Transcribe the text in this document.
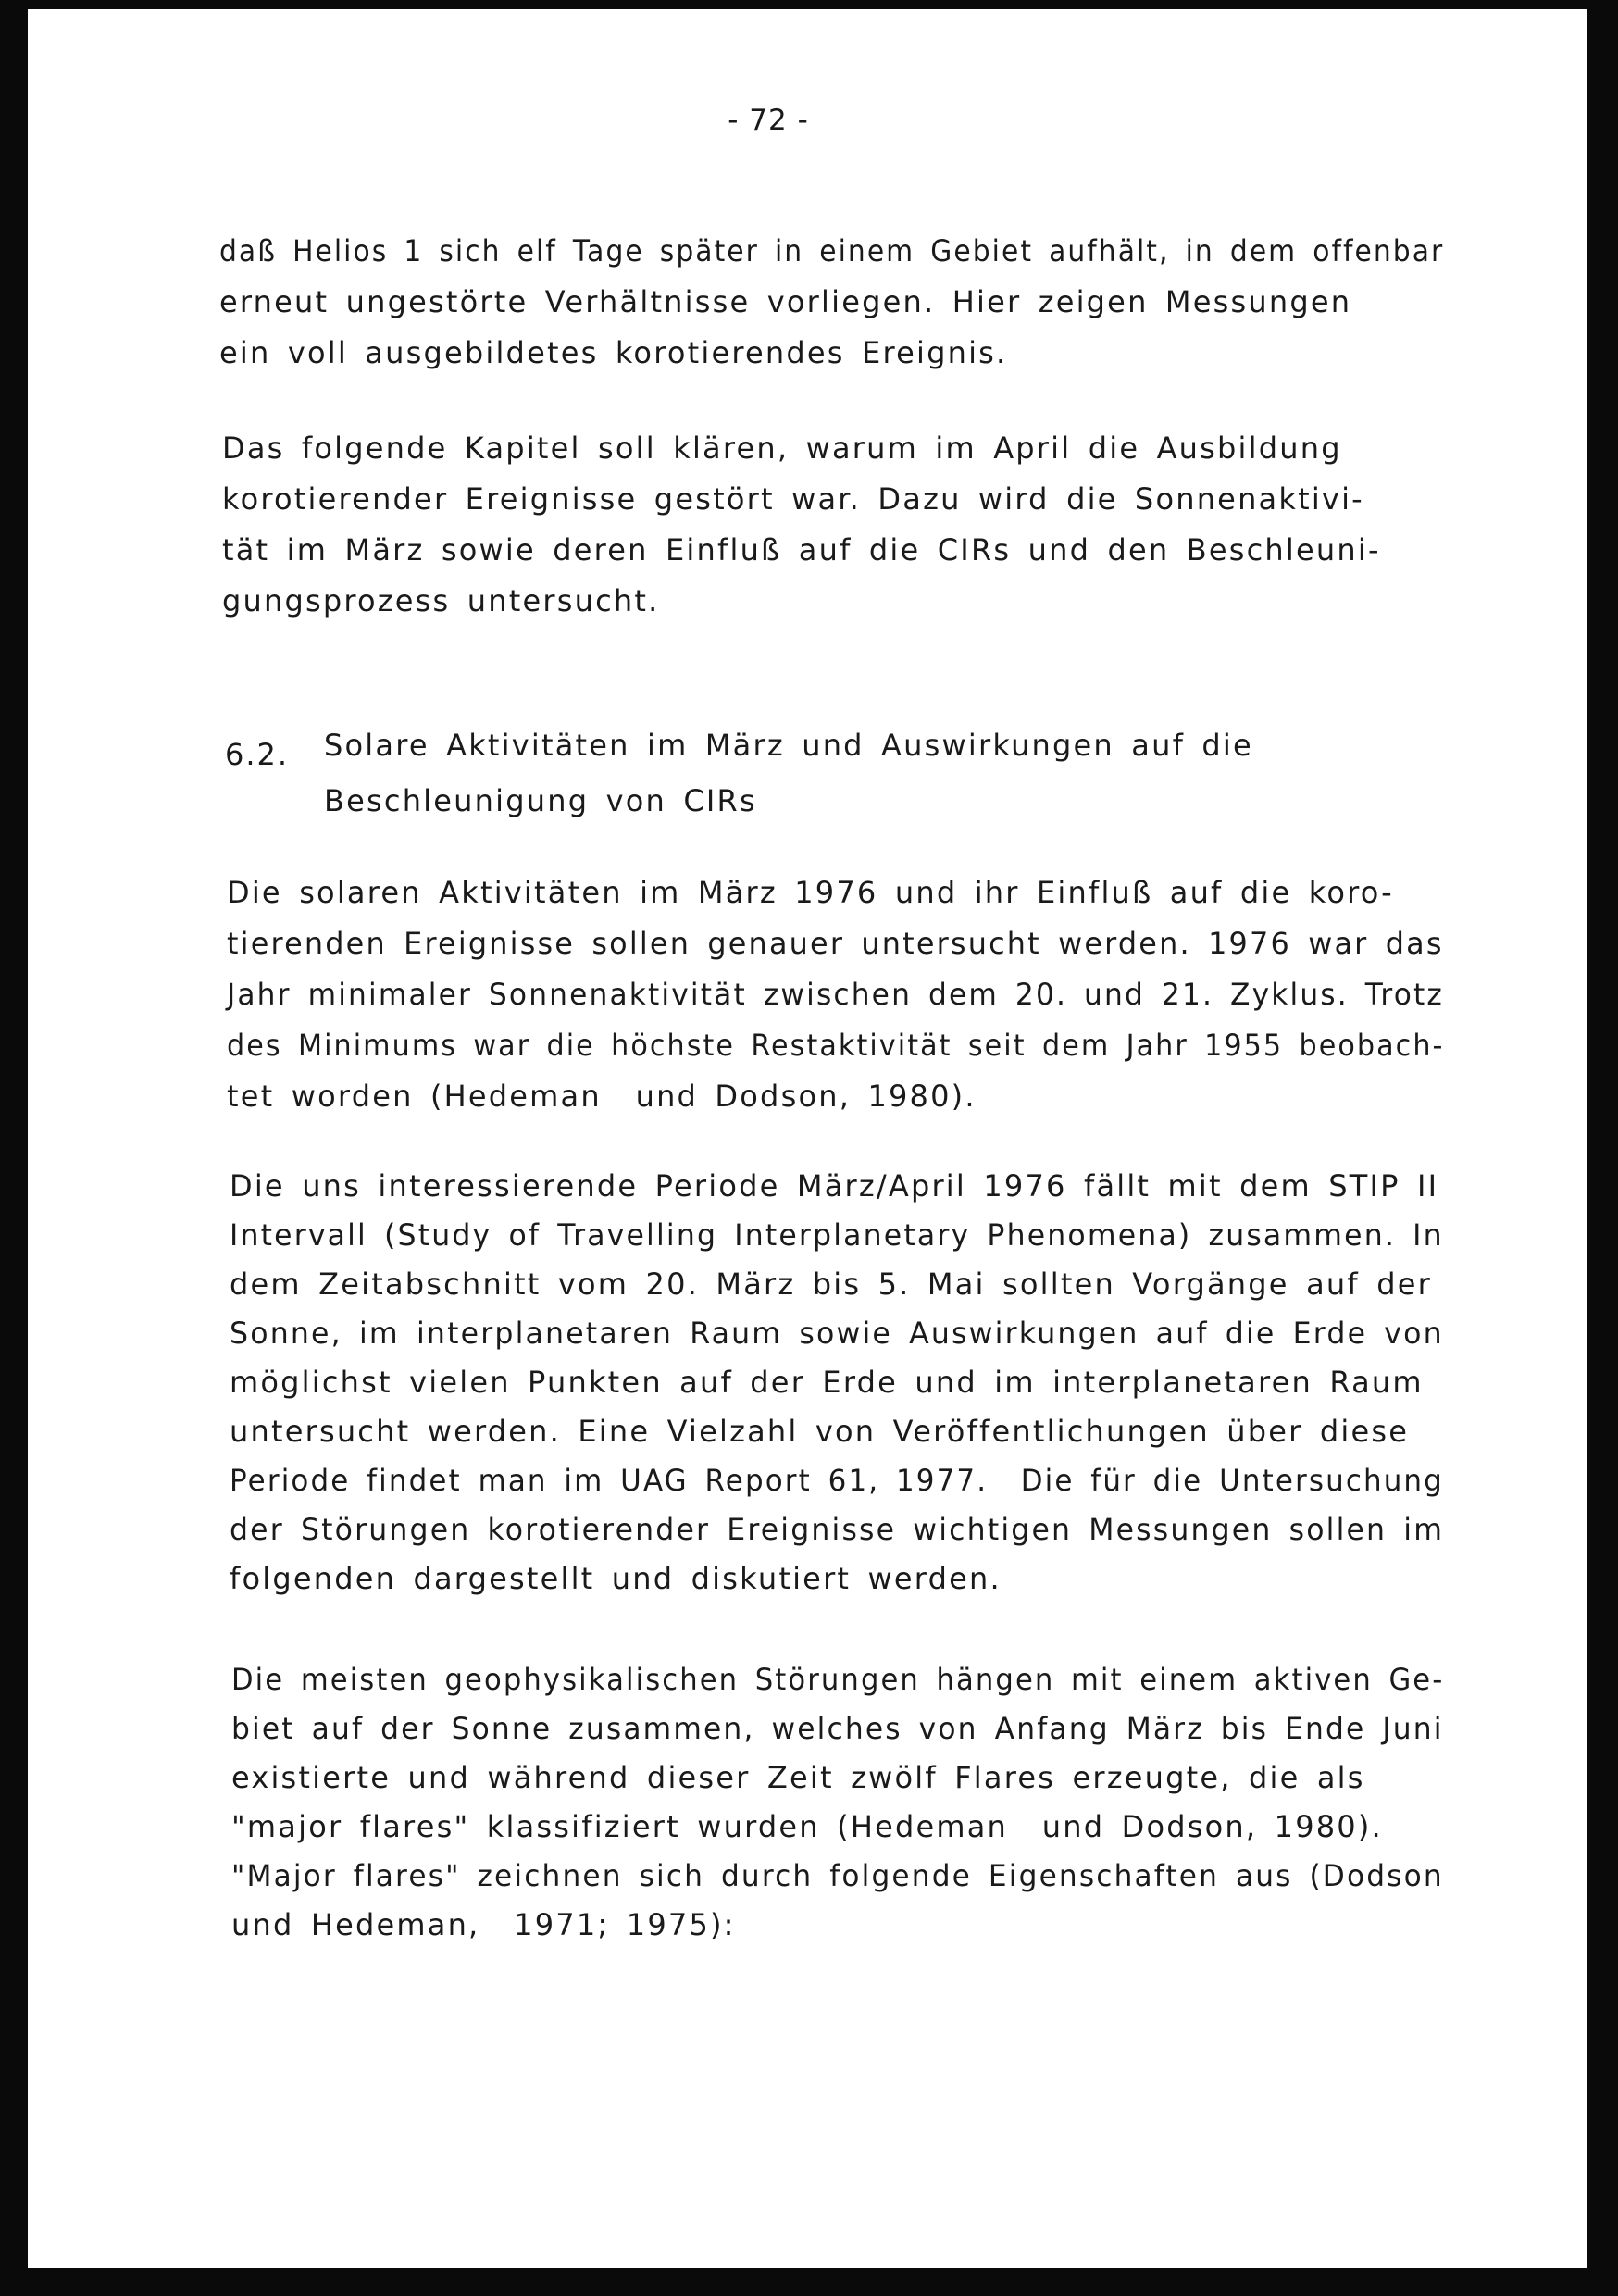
- 72 -
daß Helios 1 sich elf Tage später in einem Gebiet aufhält, in dem offenbar
erneut ungestörte Verhältnisse vorliegen. Hier zeigen Messungen
ein voll ausgebildetes korotierendes Ereignis.
Das folgende Kapitel soll klären, warum im April die Ausbildung
korotierender Ereignisse gestört war. Dazu wird die Sonnenaktivi-
tät im März sowie deren Einfluß auf die CIRs und den Beschleuni-
gungsprozess untersucht.
6.2. Solare Aktivitäten im März und Auswirkungen auf die
Beschleunigung von CIRs
Die solaren Aktivitäten im März 1976 und ihr Einfluß auf die koro-
tierenden Ereignisse sollen genauer untersucht werden. 1976 war das
Jahr minimaler Sonnenaktivität zwischen dem 20. und 21. Zyklus. Trotz
des Minimums war die höchste Restaktivität seit dem Jahr 1955 beobach-
tet worden (Hedeman  und Dodson, 1980).
Die uns interessierende Periode März/April 1976 fällt mit dem STIP II
Intervall (Study of Travelling Interplanetary Phenomena) zusammen. In
dem Zeitabschnitt vom 20. März bis 5. Mai sollten Vorgänge auf der
Sonne, im interplanetaren Raum sowie Auswirkungen auf die Erde von
möglichst vielen Punkten auf der Erde und im interplanetaren Raum
untersucht werden. Eine Vielzahl von Veröffentlichungen über diese
Periode findet man im UAG Report 61, 1977.  Die für die Untersuchung
der Störungen korotierender Ereignisse wichtigen Messungen sollen im
folgenden dargestellt und diskutiert werden.
Die meisten geophysikalischen Störungen hängen mit einem aktiven Ge-
biet auf der Sonne zusammen, welches von Anfang März bis Ende Juni
existierte und während dieser Zeit zwölf Flares erzeugte, die als
"major flares" klassifiziert wurden (Hedeman  und Dodson, 1980).
"Major flares" zeichnen sich durch folgende Eigenschaften aus (Dodson
und Hedeman,  1971; 1975):
